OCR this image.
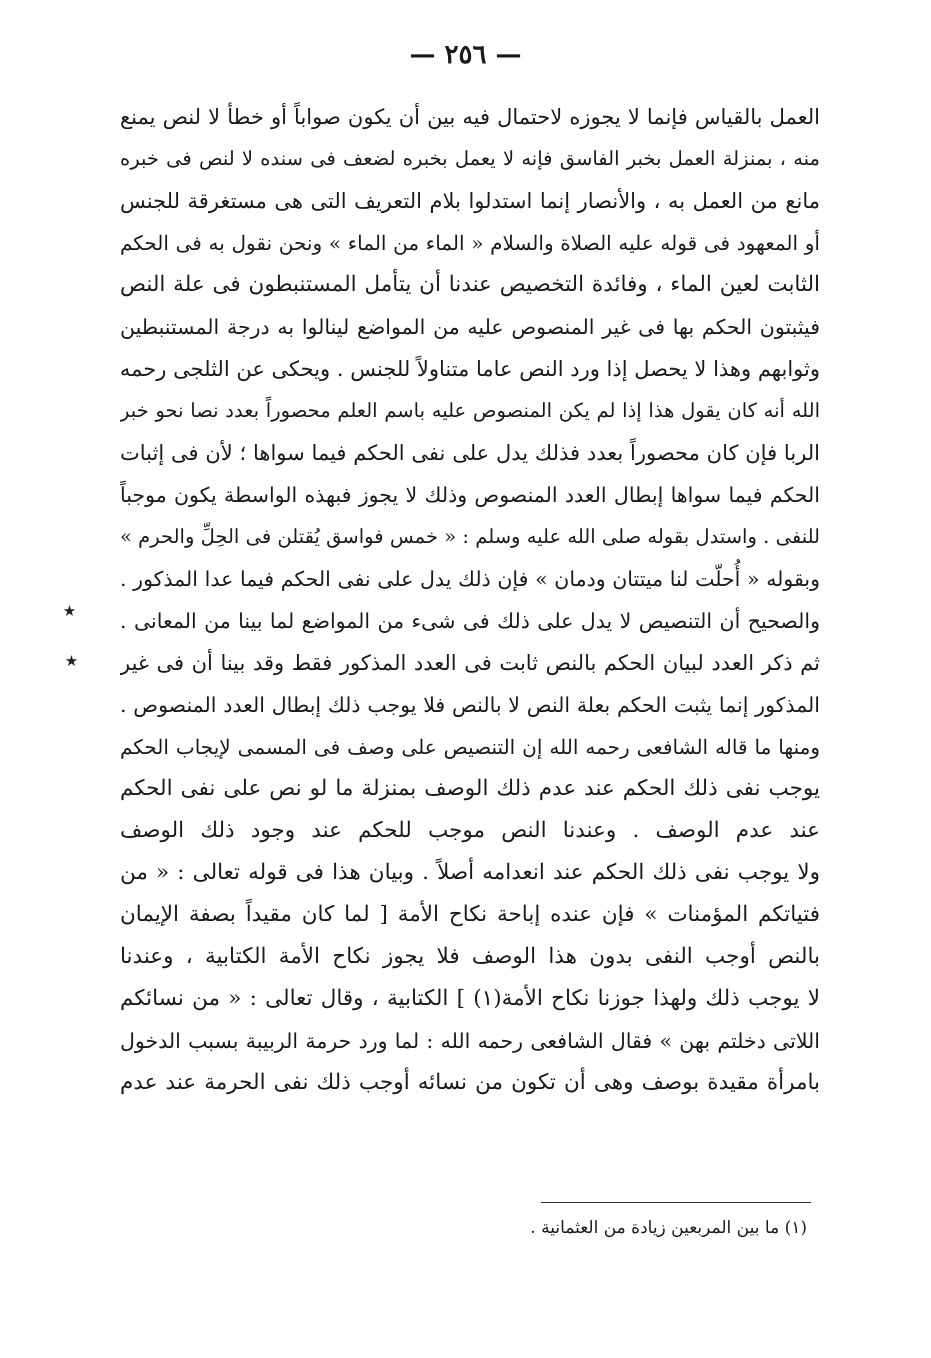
— ٢٥٦ —
٭
٭
العمل بالقياس فإنما لا يجوزه لاحتمال فيه بين أن يكون صواباً أو خطأ لا لنص يمنع
منه ، بمنزلة العمل بخبر الفاسق فإنه لا يعمل بخبره لضعف فى سنده لا لنص فى خبره
مانع من العمل به ، والأنصار إنما استدلوا بلام التعريف التى هى مستغرقة للجنس
أو المعهود فى قوله عليه الصلاة والسلام « الماء من الماء » ونحن نقول به فى الحكم
الثابت لعين الماء ، وفائدة التخصيص عندنا أن يتأمل المستنبطون فى علة النص
فيثبتون الحكم بها فى غير المنصوص عليه من المواضع لينالوا به درجة المستنبطين
وثوابهم وهذا لا يحصل إذا ورد النص عاما متناولاً للجنس . ويحكى عن الثلجى رحمه
الله أنه كان يقول هذا إذا لم يكن المنصوص عليه باسم العلم محصوراً بعدد نصا نحو خبر
الربا فإن كان محصوراً بعدد فذلك يدل على نفى الحكم فيما سواها ؛ لأن فى إثبات
الحكم فيما سواها إبطال العدد المنصوص وذلك لا يجوز فبهذه الواسطة يكون موجباً
للنفى . واستدل بقوله صلى الله عليه وسلم : « خمس فواسق يُقتلن فى الحِلِّ والحرم »
وبقوله « أُحلّت لنا ميتتان ودمان » فإن ذلك يدل على نفى الحكم فيما عدا المذكور .
والصحيح أن التنصيص لا يدل على ذلك فى شىء من المواضع لما بينا من المعانى .
ثم ذكر العدد لبيان الحكم بالنص ثابت فى العدد المذكور فقط وقد بينا أن فى غير
المذكور إنما يثبت الحكم بعلة النص لا بالنص فلا يوجب ذلك إبطال العدد المنصوص .
ومنها ما قاله الشافعى رحمه الله إن التنصيص على وصف فى المسمى لإيجاب الحكم
يوجب نفى ذلك الحكم عند عدم ذلك الوصف بمنزلة ما لو نص على نفى الحكم
عند عدم الوصف . وعندنا النص موجب للحكم عند وجود ذلك الوصف
ولا يوجب نفى ذلك الحكم عند انعدامه أصلاً . وبيان هذا فى قوله تعالى : « من
فتياتكم المؤمنات » فإن عنده إباحة نكاح الأمة [ لما كان مقيداً بصفة الإيمان
بالنص أوجب النفى بدون هذا الوصف فلا يجوز نكاح الأمة الكتابية ، وعندنا
لا يوجب ذلك ولهذا جوزنا نكاح الأمة(١) ] الكتابية ، وقال تعالى : « من نسائكم
اللاتى دخلتم بهن » فقال الشافعى رحمه الله : لما ورد حرمة الربيبة بسبب الدخول
بامرأة مقيدة بوصف وهى أن تكون من نسائه أوجب ذلك نفى الحرمة عند عدم
(١) ما بين المربعين زيادة من العثمانية .
